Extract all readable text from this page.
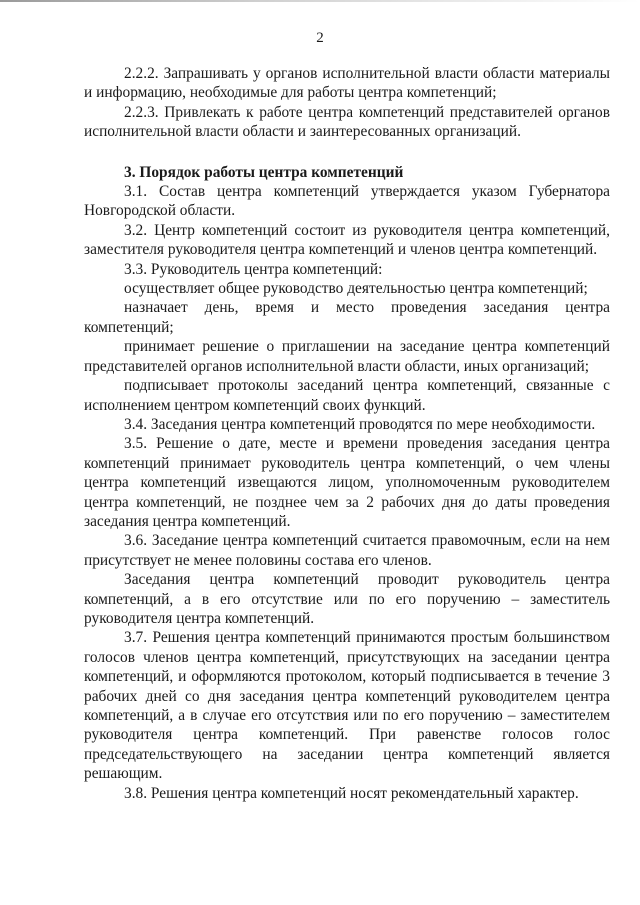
2

2.2.2. Запрашивать у органов исполнительной власти области материалы и информацию, необходимые для работы центра компетенций;

2.2.3. Привлекать к работе центра компетенций представителей органов исполнительной власти области и заинтересованных организаций.

3. Порядок работы центра компетенций

3.1. Состав центра компетенций утверждается указом Губернатора Новгородской области.

3.2. Центр компетенций состоит из руководителя центра компетенций, заместителя руководителя центра компетенций и членов центра компетенций.

3.3. Руководитель центра компетенций:

осуществляет общее руководство деятельностью центра компетенций;

назначает день, время и место проведения заседания центра компетенций;

принимает решение о приглашении на заседание центра компетенций представителей органов исполнительной власти области, иных организаций;

подписывает протоколы заседаний центра компетенций, связанные с исполнением центром компетенций своих функций.

3.4. Заседания центра компетенций проводятся по мере необходимости.

3.5. Решение о дате, месте и времени проведения заседания центра компетенций принимает руководитель центра компетенций, о чем члены центра компетенций извещаются лицом, уполномоченным руководителем центра компетенций, не позднее чем за 2 рабочих дня до даты проведения заседания центра компетенций.

3.6. Заседание центра компетенций считается правомочным, если на нем присутствует не менее половины состава его членов.

Заседания центра компетенций проводит руководитель центра компетенций, а в его отсутствие или по его поручению – заместитель руководителя центра компетенций.

3.7. Решения центра компетенций принимаются простым большинством голосов членов центра компетенций, присутствующих на заседании центра компетенций, и оформляются протоколом, который подписывается в течение 3 рабочих дней со дня заседания центра компетенций руководителем центра компетенций, а в случае его отсутствия или по его поручению – заместителем руководителя центра компетенций. При равенстве голосов голос председательствующего на заседании центра компетенций является решающим.

3.8. Решения центра компетенций носят рекомендательный характер.
